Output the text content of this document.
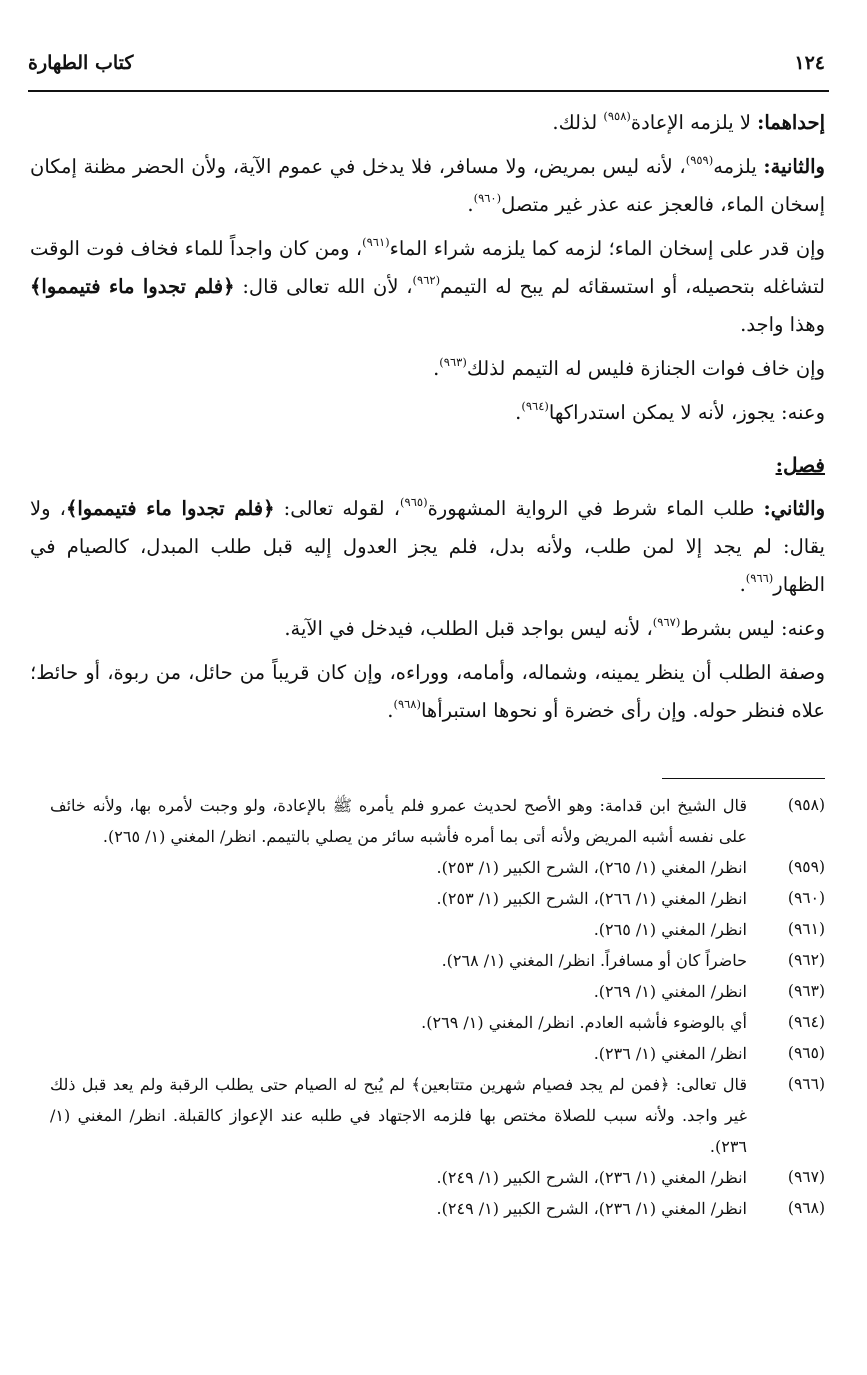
١٢٤
كتاب الطهارة

إحداهما: لا يلزمه الإعادة$^{(٩٥٨)}$ لذلك.

والثانية: يلزمه$^{(٩٥٩)}$، لأنه ليس بمريض، ولا مسافر، فلا يدخل في عموم الآية، ولأن الحضر مظنة إمكان إسخان الماء، فالعجز عنه عذر غير متصل$^{(٩٦٠)}$.

وإن قدر على إسخان الماء؛ لزمه كما يلزمه شراء الماء$^{(٩٦١)}$، ومن كان واجداً للماء فخاف فوت الوقت لتشاغله بتحصيله، أو استسقائه لم يبح له التيمم$^{(٩٦٢)}$، لأن الله تعالى قال: ﴿فلم تجدوا ماء فتيمموا﴾ وهذا واجد.

وإن خاف فوات الجنازة فليس له التيمم لذلك$^{(٩٦٣)}$.

وعنه: يجوز، لأنه لا يمكن استدراكها$^{(٩٦٤)}$.

فصل:

والثاني: طلب الماء شرط في الرواية المشهورة$^{(٩٦٥)}$، لقوله تعالى: ﴿فلم تجدوا ماء فتيمموا﴾، ولا يقال: لم يجد إلا لمن طلب، ولأنه بدل، فلم يجز العدول إليه قبل طلب المبدل، كالصيام في الظهار$^{(٩٦٦)}$.

وعنه: ليس بشرط$^{(٩٦٧)}$، لأنه ليس بواجد قبل الطلب، فيدخل في الآية.

وصفة الطلب أن ينظر يمينه، وشماله، وأمامه، ووراءه، وإن كان قريباً من حائل، من ربوة، أو حائط؛ علاه فنظر حوله. وإن رأى خضرة أو نحوها استبرأها$^{(٩٦٨)}$.

(٩٥٨)
قال الشيخ ابن قدامة: وهو الأصح لحديث عمرو فلم يأمره ﷺ بالإعادة، ولو وجبت لأمره بها، ولأنه خائف على نفسه أشبه المريض ولأنه أتى بما أمره فأشبه سائر من يصلي بالتيمم. انظر/ المغني (١/ ٢٦٥).
(٩٥٩)
انظر/ المغني (١/ ٢٦٥)، الشرح الكبير (١/ ٢٥٣).
(٩٦٠)
انظر/ المغني (١/ ٢٦٦)، الشرح الكبير (١/ ٢٥٣).
(٩٦١)
انظر/ المغني (١/ ٢٦٥).
(٩٦٢)
حاضراً كان أو مسافراً. انظر/ المغني (١/ ٢٦٨).
(٩٦٣)
انظر/ المغني (١/ ٢٦٩).
(٩٦٤)
أي بالوضوء فأشبه العادم. انظر/ المغني (١/ ٢٦٩).
(٩٦٥)
انظر/ المغني (١/ ٢٣٦).
(٩٦٦)
قال تعالى: ﴿فمن لم يجد فصيام شهرين متتابعين﴾ لم يُبح له الصيام حتى يطلب الرقبة ولم يعد قبل ذلك غير واجد. ولأنه سبب للصلاة مختص بها فلزمه الاجتهاد في طلبه عند الإعواز كالقبلة. انظر/ المغني (١/ ٢٣٦).
(٩٦٧)
انظر/ المغني (١/ ٢٣٦)، الشرح الكبير (١/ ٢٤٩).
(٩٦٨)
انظر/ المغني (١/ ٢٣٦)، الشرح الكبير (١/ ٢٤٩).
